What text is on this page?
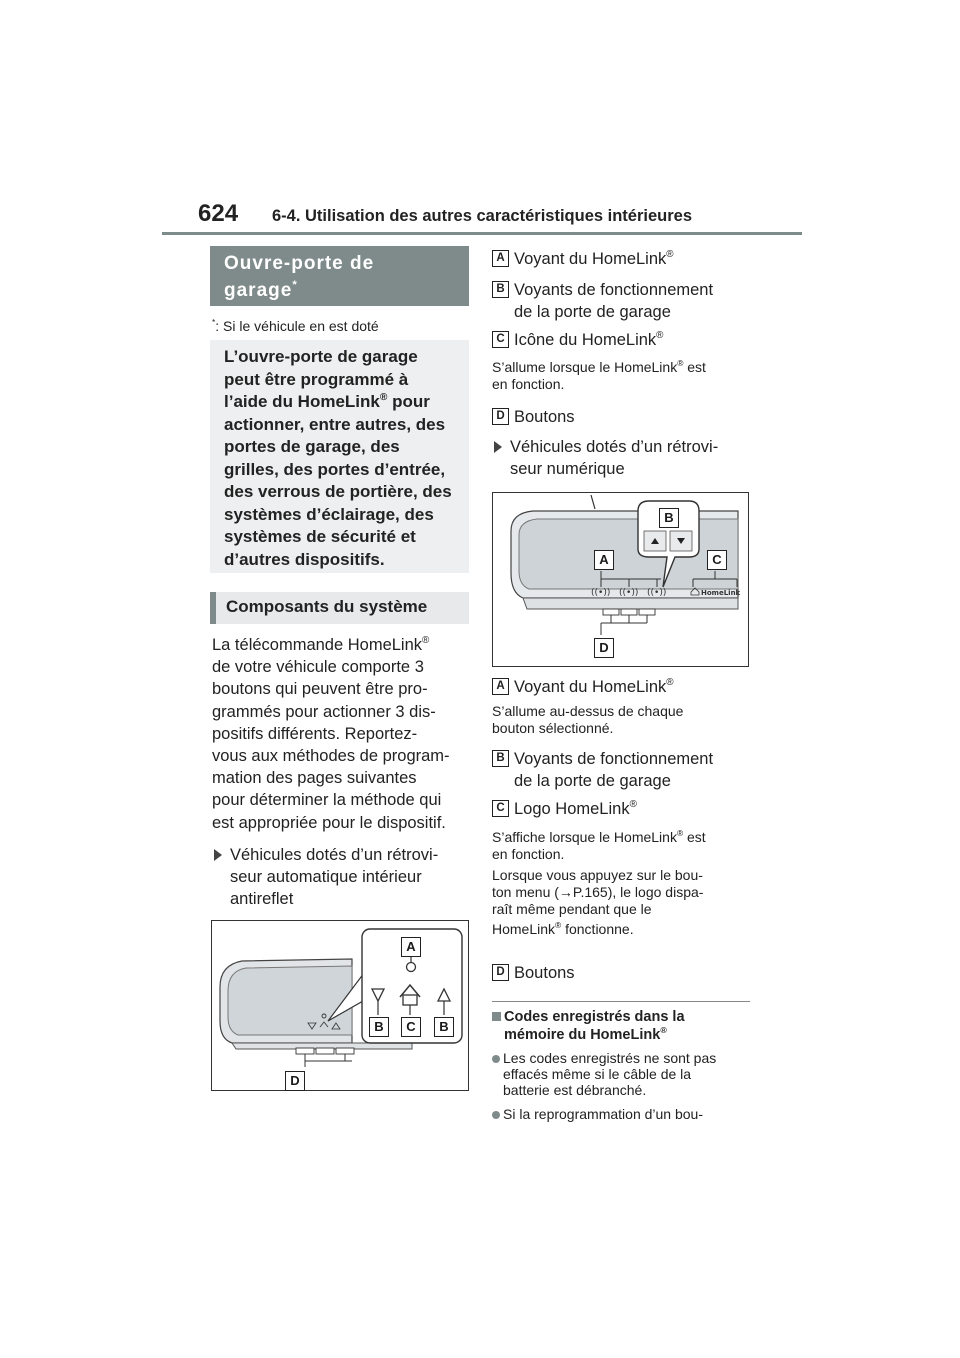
624 6-4. Utilisation des autres caractéristiques intérieures
Ouvre-porte de
garage*
*: Si le véhicule en est doté
L’ouvre-porte de garage
peut être programmé à
l’aide du HomeLink® pour
actionner, entre autres, des
portes de garage, des
grilles, des portes d’entrée,
des verrous de portière, des
systèmes d’éclairage, des
systèmes de sécurité et
d’autres dispositifs.
Composants du système
La télécommande HomeLink®
de votre véhicule comporte 3
boutons qui peuvent être pro-
grammés pour actionner 3 dis-
positifs différents. Reportez-
vous aux méthodes de program-
mation des pages suivantes
pour déterminer la méthode qui
est appropriée pour le dispositif.
Véhicules dotés d’un rétrovi-
seur automatique intérieur
antireflet
A
B	C	B
D
A Voyant du HomeLink®
B Voyants de fonctionnement
de la porte de garage
C Icône du HomeLink®
S’allume lorsque le HomeLink® est
en fonction.
D Boutons
Véhicules dotés d’un rétrovi-
seur numérique
((•)) ((•)) ((•))	HomeLink
B
A	C
D
A Voyant du HomeLink®
S’allume au-dessus de chaque
bouton sélectionné.
B Voyants de fonctionnement
de la porte de garage
C Logo HomeLink®
S’affiche lorsque le HomeLink® est
en fonction.
Lorsque vous appuyez sur le bou-
ton menu (→P.165), le logo dispa-
raît même pendant que le
HomeLink® fonctionne.
D Boutons
Codes enregistrés dans la
mémoire du HomeLink®
Les codes enregistrés ne sont pas
effacés même si le câble de la
batterie est débranché.
Si la reprogrammation d’un bou-
